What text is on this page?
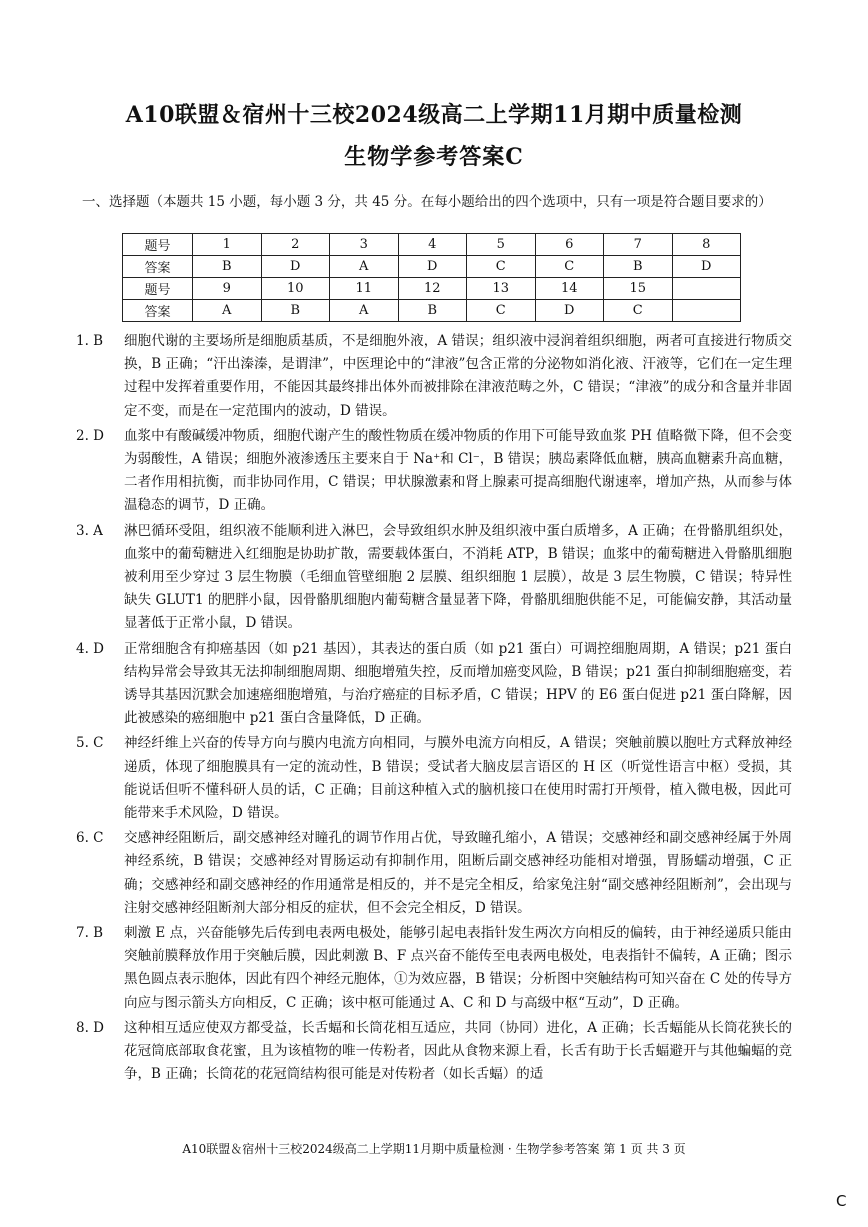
A10联盟＆宿州十三校2024级高二上学期11月期中质量检测
生物学参考答案C
一、选择题（本题共 15 小题，每小题 3 分，共 45 分。在每小题给出的四个选项中，只有一项是符合题目要求的）
题号	1	2	3	4	5	6	7	8
答案	B	D	A	D	C	C	B	D
题号	9	10	11	12	13	14	15	
答案	A	B	A	B	C	D	C	
1. B	细胞代谢的主要场所是细胞质基质，不是细胞外液，A 错误；组织液中浸润着组织细胞，两者可直接进行物质交换，B 正确；“汗出溱溱，是谓津”，中医理论中的“津液”包含正常的分泌物如消化液、汗液等，它们在一定生理过程中发挥着重要作用，不能因其最终排出体外而被排除在津液范畴之外，C 错误；“津液”的成分和含量并非固定不变，而是在一定范围内的波动，D 错误。
2. D	血浆中有酸碱缓冲物质，细胞代谢产生的酸性物质在缓冲物质的作用下可能导致血浆 PH 值略微下降，但不会变为弱酸性，A 错误；细胞外液渗透压主要来自于 Na⁺和 Cl⁻，B 错误；胰岛素降低血糖，胰高血糖素升高血糖，二者作用相抗衡，而非协同作用，C 错误；甲状腺激素和肾上腺素可提高细胞代谢速率，增加产热，从而参与体温稳态的调节，D 正确。
3. A	淋巴循环受阻，组织液不能顺利进入淋巴，会导致组织水肿及组织液中蛋白质增多，A 正确；在骨骼肌组织处，血浆中的葡萄糖进入红细胞是协助扩散，需要载体蛋白，不消耗 ATP，B 错误；血浆中的葡萄糖进入骨骼肌细胞被利用至少穿过 3 层生物膜（毛细血管壁细胞 2 层膜、组织细胞 1 层膜），故是 3 层生物膜，C 错误；特异性缺失 GLUT1 的肥胖小鼠，因骨骼肌细胞内葡萄糖含量显著下降，骨骼肌细胞供能不足，可能偏安静，其活动量显著低于正常小鼠，D 错误。
4. D	正常细胞含有抑癌基因（如 p21 基因），其表达的蛋白质（如 p21 蛋白）可调控细胞周期，A 错误；p21 蛋白结构异常会导致其无法抑制细胞周期、细胞增殖失控，反而增加癌变风险，B 错误；p21 蛋白抑制细胞癌变，若诱导其基因沉默会加速癌细胞增殖，与治疗癌症的目标矛盾，C 错误；HPV 的 E6 蛋白促进 p21 蛋白降解，因此被感染的癌细胞中 p21 蛋白含量降低，D 正确。
5. C	神经纤维上兴奋的传导方向与膜内电流方向相同，与膜外电流方向相反，A 错误；突触前膜以胞吐方式释放神经递质，体现了细胞膜具有一定的流动性，B 错误；受试者大脑皮层言语区的 H 区（听觉性语言中枢）受损，其能说话但听不懂科研人员的话，C 正确；目前这种植入式的脑机接口在使用时需打开颅骨，植入微电极，因此可能带来手术风险，D 错误。
6. C	交感神经阻断后，副交感神经对瞳孔的调节作用占优，导致瞳孔缩小，A 错误；交感神经和副交感神经属于外周神经系统，B 错误；交感神经对胃肠运动有抑制作用，阻断后副交感神经功能相对增强，胃肠蠕动增强，C 正确；交感神经和副交感神经的作用通常是相反的，并不是完全相反，给家兔注射“副交感神经阻断剂”，会出现与注射交感神经阻断剂大部分相反的症状，但不会完全相反，D 错误。
7. B	刺激 E 点，兴奋能够先后传到电表两电极处，能够引起电表指针发生两次方向相反的偏转，由于神经递质只能由突触前膜释放作用于突触后膜，因此刺激 B、F 点兴奋不能传至电表两电极处，电表指针不偏转，A 正确；图示黑色圆点表示胞体，因此有四个神经元胞体，①为效应器，B 错误；分析图中突触结构可知兴奋在 C 处的传导方向应与图示箭头方向相反，C 正确；该中枢可能通过 A、C 和 D 与高级中枢“互动”，D 正确。
8. D	这种相互适应使双方都受益，长舌蝠和长筒花相互适应，共同（协同）进化，A 正确；长舌蝠能从长筒花狭长的花冠筒底部取食花蜜，且为该植物的唯一传粉者，因此从食物来源上看，长舌有助于长舌蝠避开与其他蝙蝠的竞争，B 正确；长筒花的花冠筒结构很可能是对传粉者（如长舌蝠）的适
A10联盟＆宿州十三校2024级高二上学期11月期中质量检测 · 生物学参考答案 第 1 页 共 3 页
C
